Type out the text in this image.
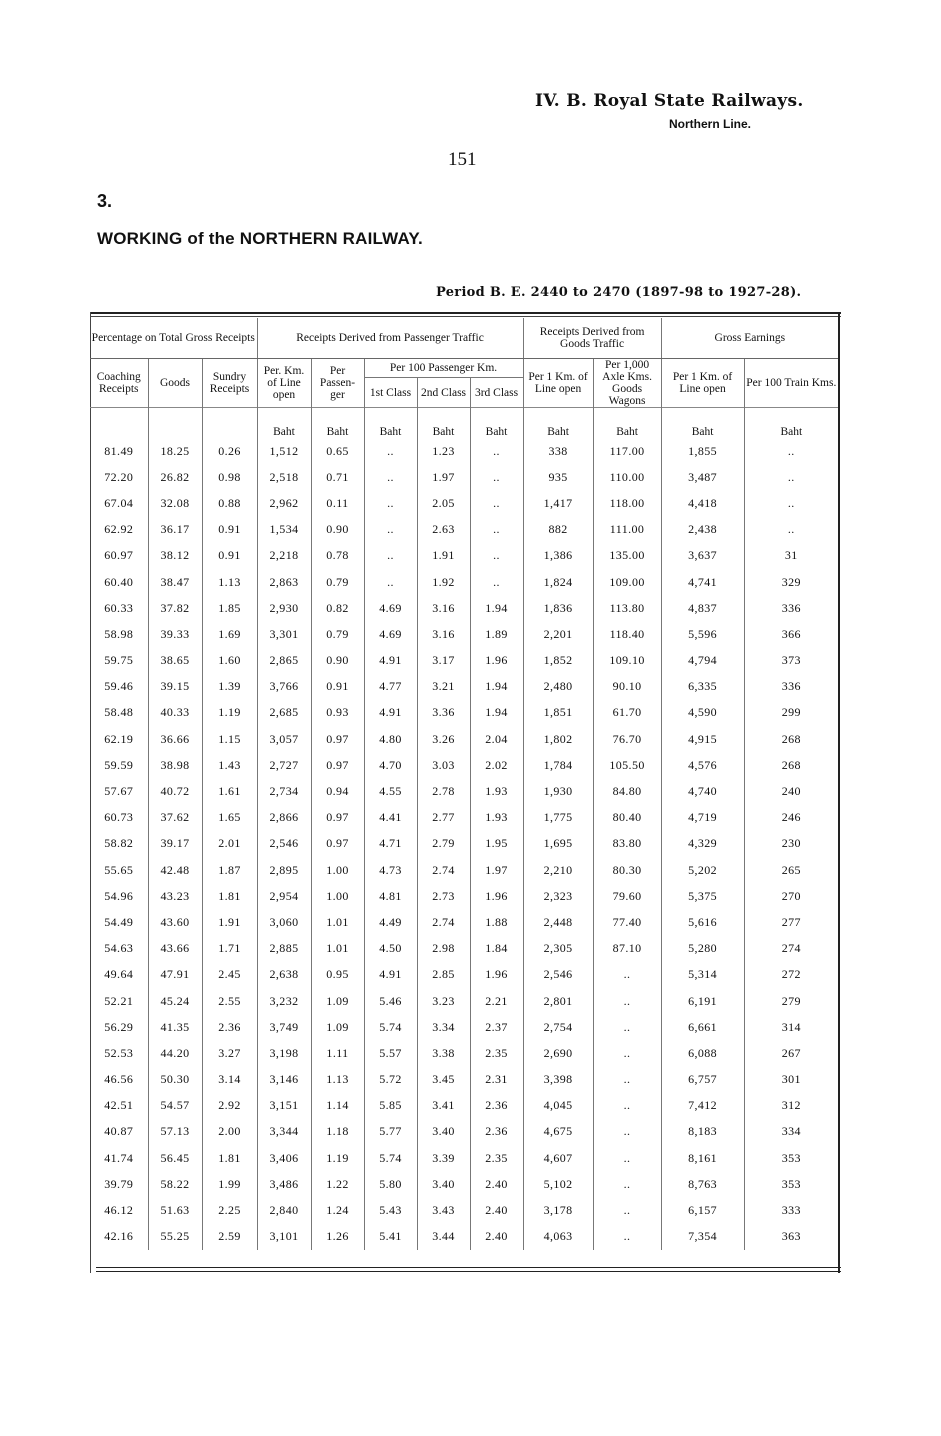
IV. B. Royal State Railways.
Northern Line.
151
3.
WORKING of the NORTHERN RAILWAY.
Period B. E. 2440 to 2470 (1897-98 to 1927-28).
Percentage on Total Gross Receipts			Receipts Derived from Passenger Traffic					Receipts Derived from Goods Traffic		Gross Earnings	
Coaching Receipts	Goods	Sundry Receipts	Per. Km. of Line open	Per Passen- ger	Per 100 Passenger Km.			Per 1 Km. of Line open	Per 1,000 Axle Kms. Goods Wagons	Per 1 Km. of Line open	Per 100 Train Kms.
					1st Class	2nd Class	3rd Class				

			Baht	Baht	Baht	Baht	Baht	Baht	Baht	Baht	Baht
81.49	18.25	0.26	1,512	0.65	..	1.23	..	338	117.00	1,855	..
72.20	26.82	0.98	2,518	0.71	..	1.97	..	935	110.00	3,487	..
67.04	32.08	0.88	2,962	0.11	..	2.05	..	1,417	118.00	4,418	..
62.92	36.17	0.91	1,534	0.90	..	2.63	..	882	111.00	2,438	..
60.97	38.12	0.91	2,218	0.78	..	1.91	..	1,386	135.00	3,637	31
60.40	38.47	1.13	2,863	0.79	..	1.92	..	1,824	109.00	4,741	329
60.33	37.82	1.85	2,930	0.82	4.69	3.16	1.94	1,836	113.80	4,837	336
58.98	39.33	1.69	3,301	0.79	4.69	3.16	1.89	2,201	118.40	5,596	366
59.75	38.65	1.60	2,865	0.90	4.91	3.17	1.96	1,852	109.10	4,794	373
59.46	39.15	1.39	3,766	0.91	4.77	3.21	1.94	2,480	90.10	6,335	336
58.48	40.33	1.19	2,685	0.93	4.91	3.36	1.94	1,851	61.70	4,590	299
62.19	36.66	1.15	3,057	0.97	4.80	3.26	2.04	1,802	76.70	4,915	268
59.59	38.98	1.43	2,727	0.97	4.70	3.03	2.02	1,784	105.50	4,576	268
57.67	40.72	1.61	2,734	0.94	4.55	2.78	1.93	1,930	84.80	4,740	240
60.73	37.62	1.65	2,866	0.97	4.41	2.77	1.93	1,775	80.40	4,719	246
58.82	39.17	2.01	2,546	0.97	4.71	2.79	1.95	1,695	83.80	4,329	230
55.65	42.48	1.87	2,895	1.00	4.73	2.74	1.97	2,210	80.30	5,202	265
54.96	43.23	1.81	2,954	1.00	4.81	2.73	1.96	2,323	79.60	5,375	270
54.49	43.60	1.91	3,060	1.01	4.49	2.74	1.88	2,448	77.40	5,616	277
54.63	43.66	1.71	2,885	1.01	4.50	2.98	1.84	2,305	87.10	5,280	274
49.64	47.91	2.45	2,638	0.95	4.91	2.85	1.96	2,546	..	5,314	272
52.21	45.24	2.55	3,232	1.09	5.46	3.23	2.21	2,801	..	6,191	279
56.29	41.35	2.36	3,749	1.09	5.74	3.34	2.37	2,754	..	6,661	314
52.53	44.20	3.27	3,198	1.11	5.57	3.38	2.35	2,690	..	6,088	267
46.56	50.30	3.14	3,146	1.13	5.72	3.45	2.31	3,398	..	6,757	301
42.51	54.57	2.92	3,151	1.14	5.85	3.41	2.36	4,045	..	7,412	312
40.87	57.13	2.00	3,344	1.18	5.77	3.40	2.36	4,675	..	8,183	334
41.74	56.45	1.81	3,406	1.19	5.74	3.39	2.35	4,607	..	8,161	353
39.79	58.22	1.99	3,486	1.22	5.80	3.40	2.40	5,102	..	8,763	353
46.12	51.63	2.25	2,840	1.24	5.43	3.43	2.40	3,178	..	6,157	333
42.16	55.25	2.59	3,101	1.26	5.41	3.44	2.40	4,063	..	7,354	363
